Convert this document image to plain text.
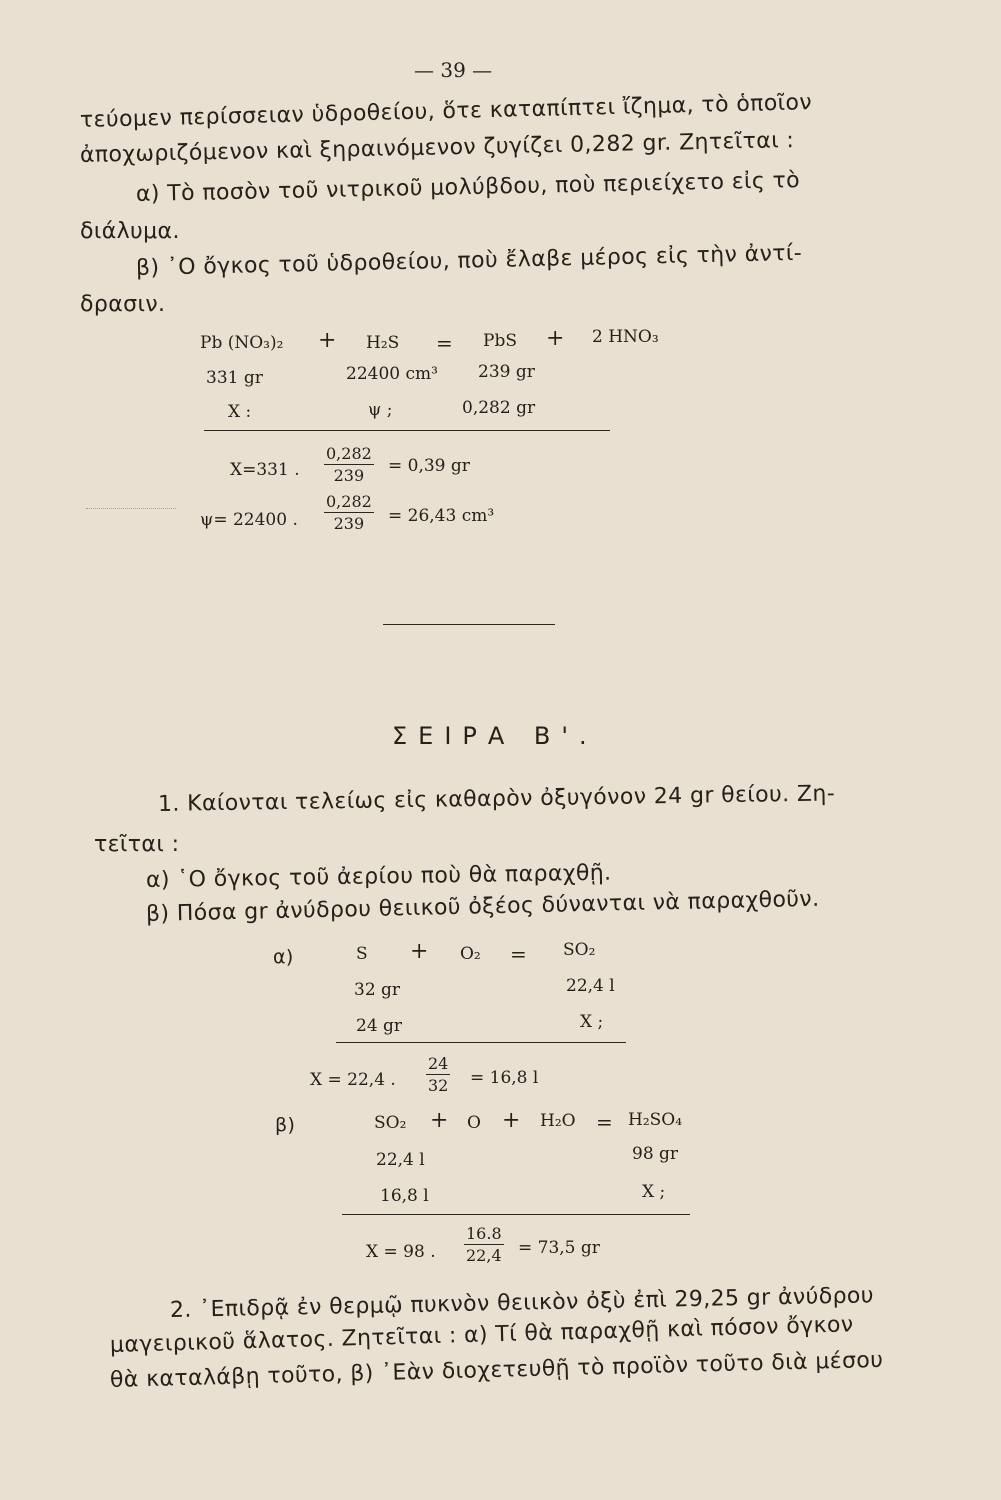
— 39 —
τεύομεν περίσσειαν ὑδροθείου, ὅτε καταπίπτει ἴζημα, τὸ ὁποῖον
ἀποχωριζόμενον καὶ ξηραινόμενον ζυγίζει 0,282 gr. Ζητεῖται :
α) Τὸ ποσὸν τοῦ νιτρικοῦ μολύβδου, ποὺ περιείχετο εἰς τὸ
διάλυμα.
β) ᾿Ο ὄγκος τοῦ ὑδροθείου, ποὺ ἔλαβε μέρος εἰς τὴν ἀντί-
δρασιν.
Pb (NO₃)₂ + H₂S = PbS + 2 HNO₃
331 gr	22400 cm³ 239 gr
X :	ψ ;	0,282 gr
X=331 . $\frac{0,282}{239} = 0,39$ gr
ψ= 22400 . $\frac{0,282}{239} = 26,43$ cm³
ΣΕΙΡΑ Β'.
1. Καίονται τελείως εἰς καθαρὸν ὀξυγόνον 24 gr θείου. Ζη-
τεῖται :
α) ῾Ο ὄγκος τοῦ ἀερίου ποὺ θὰ παραχθῇ.
β) Πόσα gr ἀνύδρου θειικοῦ ὀξέος δύνανται νὰ παραχθοῦν.
α)	S + O₂ = SO₂
32 gr	22,4 l
24 gr	X ;
X = 22,4 . $\frac{24}{32} = 16,8$ l
β)	SO₂ + O + H₂O = H₂SO₄
22,4 l	98 gr
16,8 l	X ;
X = 98 . $\frac{16.8}{22,4} = 73,5$ gr
2. ᾿Επιδρᾷ ἐν θερμῷ πυκνὸν θειικὸν ὀξὺ ἐπὶ 29,25 gr ἀνύδρου
μαγειρικοῦ ἅλατος. Ζητεῖται : α) Τί θὰ παραχθῇ καὶ πόσον ὄγκον
θὰ καταλάβῃ τοῦτο, β) ᾿Εὰν διοχετευθῇ τὸ προϊὸν τοῦτο διὰ μέσου
